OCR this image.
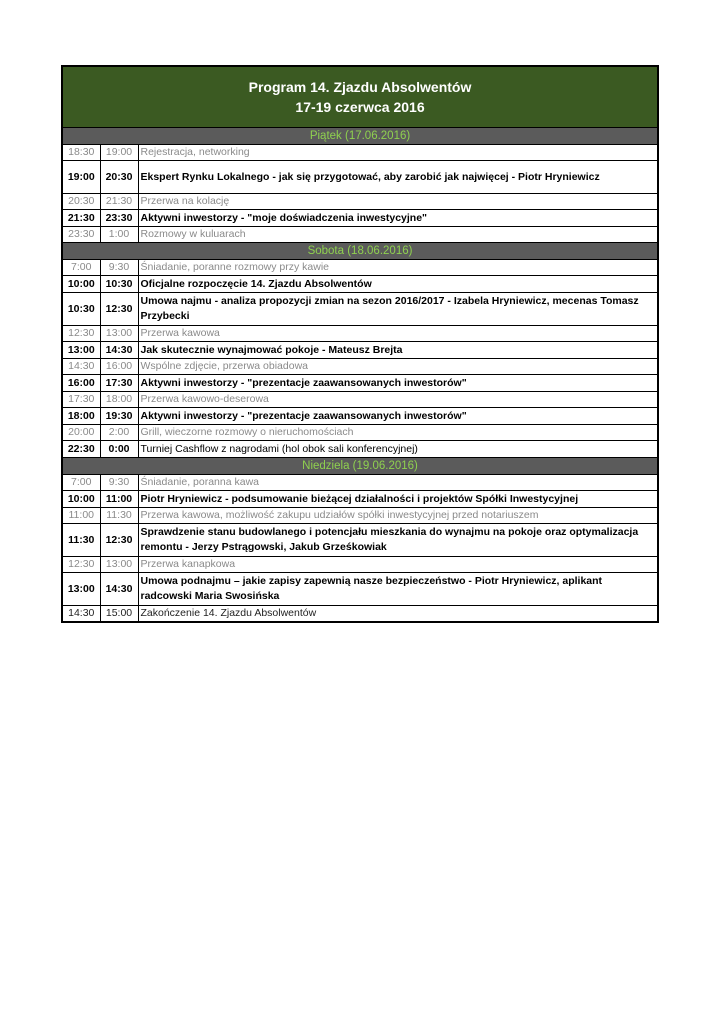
Program 14. Zjazdu Absolwentów
17-19 czerwca 2016		

Piątek (17.06.2016)		
18:30	19:00	Rejestracja, networking
19:00	20:30	Ekspert Rynku Lokalnego - jak się przygotować, aby zarobić jak najwięcej - Piotr Hryniewicz
20:30	21:30	Przerwa na kolację
21:30	23:30	Aktywni inwestorzy - "moje doświadczenia inwestycyjne"
23:30	1:00	Rozmowy w kuluarach
Sobota (18.06.2016)		
7:00	9:30	Śniadanie, poranne rozmowy przy kawie
10:00	10:30	Oficjalne rozpoczęcie 14. Zjazdu Absolwentów
10:30	12:30	Umowa najmu - analiza propozycji zmian na sezon 2016/2017 - Izabela Hryniewicz, mecenas Tomasz Przybecki
12:30	13:00	Przerwa kawowa
13:00	14:30	Jak skutecznie wynajmować pokoje - Mateusz Brejta
14:30	16:00	Wspólne zdjęcie, przerwa obiadowa
16:00	17:30	Aktywni inwestorzy - "prezentacje zaawansowanych inwestorów"
17:30	18:00	Przerwa kawowo-deserowa
18:00	19:30	Aktywni inwestorzy - "prezentacje zaawansowanych inwestorów"
20:00	2:00	Grill, wieczorne rozmowy o nieruchomościach
22:30	0:00	Turniej Cashflow z nagrodami (hol obok sali konferencyjnej)
Niedziela (19.06.2016)		
7:00	9:30	Śniadanie, poranna kawa
10:00	11:00	Piotr Hryniewicz - podsumowanie bieżącej działalności i projektów Spółki Inwestycyjnej
11:00	11:30	Przerwa kawowa, możliwość zakupu udziałów spółki inwestycyjnej przed notariuszem
11:30	12:30	Sprawdzenie stanu budowlanego i potencjału mieszkania do wynajmu na pokoje oraz optymalizacja remontu - Jerzy Pstrągowski, Jakub Grześkowiak
12:30	13:00	Przerwa kanapkowa
13:00	14:30	Umowa podnajmu – jakie zapisy zapewnią nasze bezpieczeństwo - Piotr Hryniewicz, aplikant radcowski Maria Swosińska
14:30	15:00	Zakończenie 14. Zjazdu Absolwentów
